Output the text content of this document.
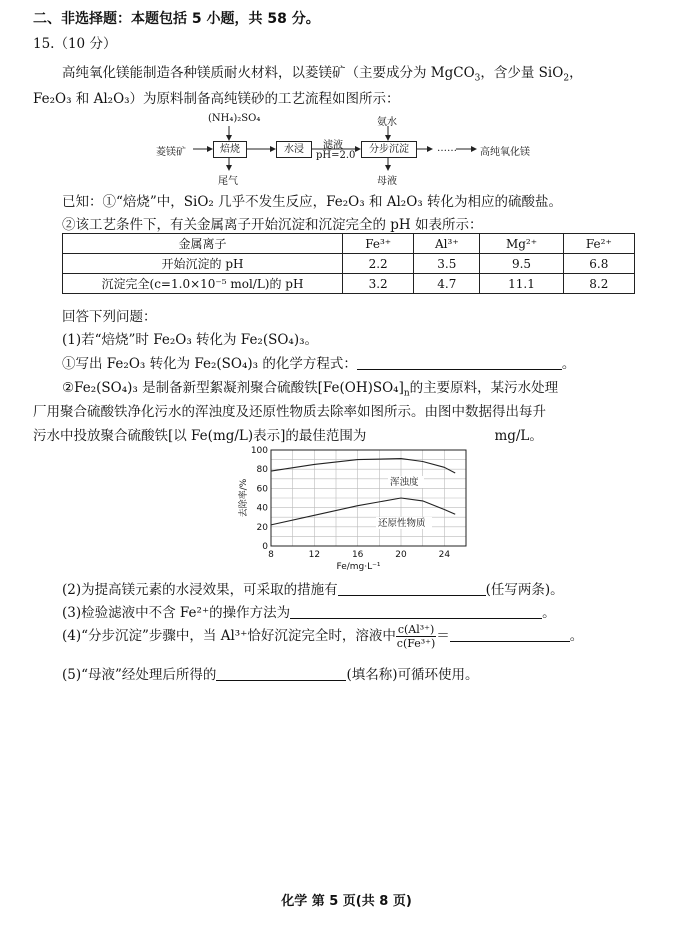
二、非选择题：本题包括 5 小题，共 58 分。
15.（10 分）
高纯氧化镁能制造各种镁质耐火材料，以菱镁矿（主要成分为 MgCO$_3$，含少量 SiO$_2$，
Fe₂O₃ 和 Al₂O₃）为原料制备高纯镁砂的工艺流程如图所示：
菱镁矿
(NH₄)₂SO₄
焙烧
尾气
水浸	滤液
pH=2.0
氨水
分步沉淀
母液
…… 高纯氧化镁
已知：①“焙烧”中，SiO₂ 几乎不发生反应，Fe₂O₃ 和 Al₂O₃ 转化为相应的硫酸盐。
②该工艺条件下，有关金属离子开始沉淀和沉淀完全的 pH 如表所示：
金属离子	Fe³⁺	Al³⁺	Mg²⁺	Fe²⁺
开始沉淀的 pH	2.2	3.5	9.5	6.8
沉淀完全(c=1.0×10⁻⁵ mol/L)的 pH	3.2	4.7	11.1	8.2
回答下列问题：
(1)若“焙烧”时 Fe₂O₃ 转化为 Fe₂(SO₄)₃。
①写出 Fe₂O₃ 转化为 Fe₂(SO₄)₃ 的化学方程式：	。
②Fe₂(SO₄)₃ 是制备新型絮凝剂聚合硫酸铁$[Fe(OH)SO_4]_n$的主要原料，某污水处理
厂用聚合硫酸铁净化污水的浑浊度及还原性物质去除率如图所示。由图中数据得出每升
污水中投放聚合硫酸铁[以 Fe(mg/L)表示]的最佳范围为	mg/L。
8	12	16	20	24
0
20
40
60
80
100
Fe/mg·L⁻¹
去除率/%	浑浊度
还原性物质
(2)为提高镁元素的水浸效果，可采取的措施有	(任写两条)。
(3)检验滤液中不含 Fe²⁺的操作方法为	。
(4)“分步沉淀”步骤中，当 Al³⁺恰好沉淀完全时，溶液中 $\frac{\text{c(Al³⁺)}}{\text{c(Fe³⁺)}}$ ＝	。
(5)“母液”经处理后所得的	(填名称)可循环使用。
化学 第 5 页(共 8 页)
